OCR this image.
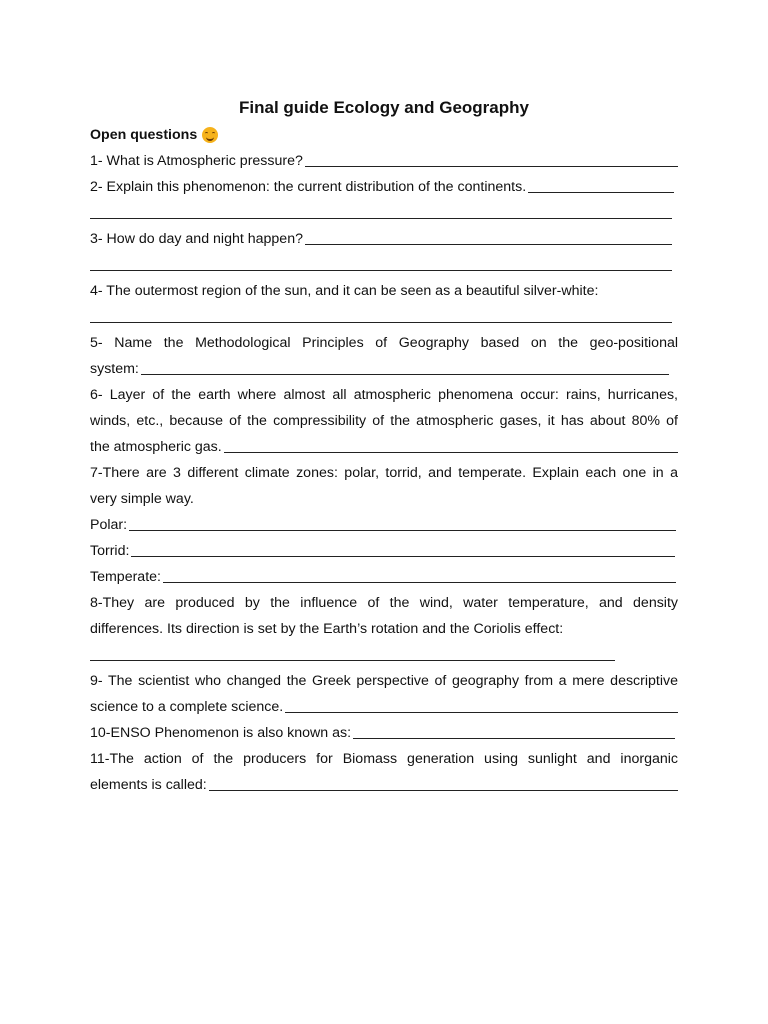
Final guide Ecology and Geography
Open questions
1- What is Atmospheric pressure?
2- Explain this phenomenon: the current distribution of the continents.
3- How do day and night happen?
4- The outermost region of the sun, and it can be seen as a beautiful silver-white:
5- Name the Methodological Principles of Geography based on the geo-positional
system:
6- Layer of the earth where almost all atmospheric phenomena occur: rains, hurricanes,
winds, etc., because of the compressibility of the atmospheric gases, it has about 80% of
the atmospheric gas.
7-There are 3 different climate zones: polar, torrid, and temperate. Explain each one in a
very simple way.
Polar:
Torrid:
Temperate:
8-They are produced by the influence of the wind, water temperature, and density
differences. Its direction is set by the Earth’s rotation and the Coriolis effect:
9- The scientist who changed the Greek perspective of geography from a mere descriptive
science to a complete science.
10-ENSO Phenomenon is also known as:
11-The action of the producers for Biomass generation using sunlight and inorganic
elements is called:
